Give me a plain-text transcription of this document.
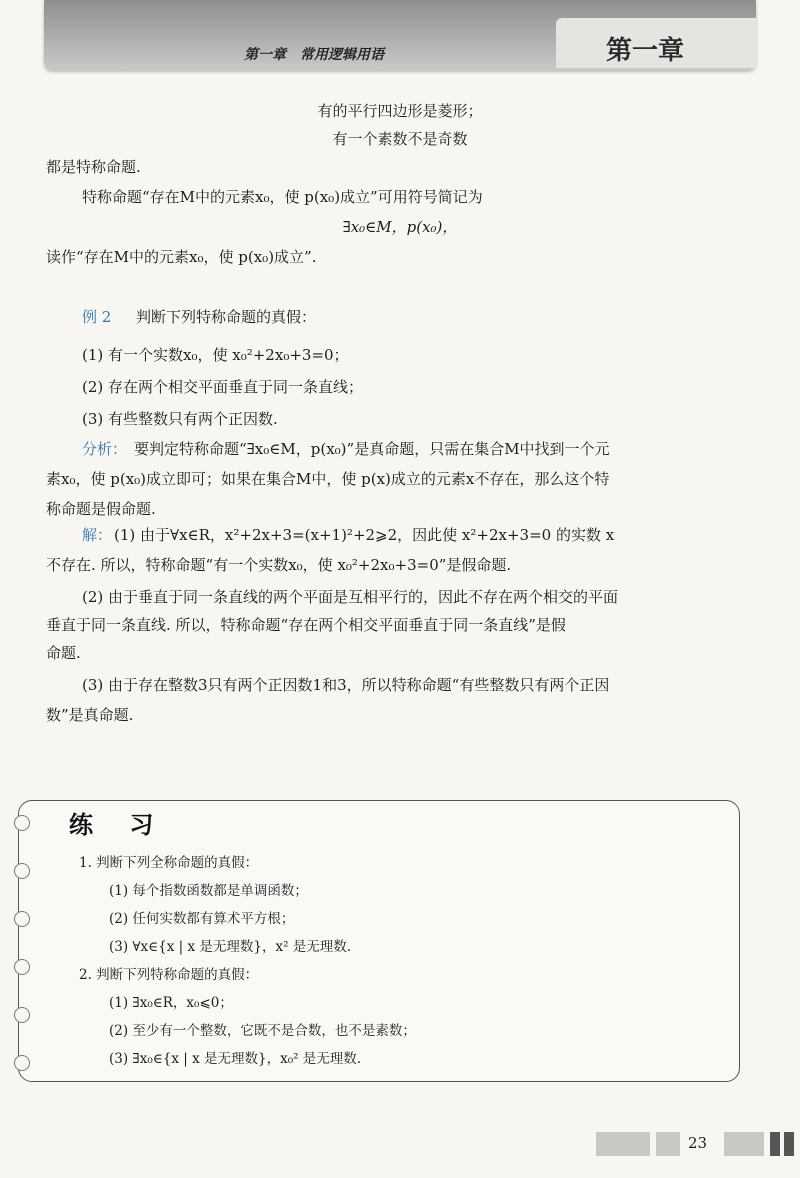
第一章　常用逻辑用语	第一章
有的平行四边形是菱形；
有一个素数不是奇数
都是特称命题.
特称命题“存在M中的元素x₀，使 p(x₀)成立”可用符号简记为
∃x₀∈M，p(x₀)，
读作“存在M中的元素x₀，使 p(x₀)成立”.
例 2 判断下列特称命题的真假：
(1) 有一个实数x₀，使 x₀²+2x₀+3=0；
(2) 存在两个相交平面垂直于同一条直线；
(3) 有些整数只有两个正因数.
分析： 要判定特称命题“∃x₀∈M，p(x₀)”是真命题，只需在集合M中找到一个元
素x₀，使 p(x₀)成立即可；如果在集合M中，使 p(x)成立的元素x不存在，那么这个特
称命题是假命题.
解： (1) 由于∀x∈R，x²+2x+3=(x+1)²+2⩾2，因此使 x²+2x+3=0 的实数 x
不存在. 所以，特称命题“有一个实数x₀，使 x₀²+2x₀+3=0”是假命题.
(2) 由于垂直于同一条直线的两个平面是互相平行的，因此不存在两个相交的平面
垂直于同一条直线. 所以，特称命题“存在两个相交平面垂直于同一条直线”是假
命题.
(3) 由于存在整数3只有两个正因数1和3，所以特称命题“有些整数只有两个正因
数”是真命题.
练 习
1. 判断下列全称命题的真假：
(1) 每个指数函数都是单调函数；
(2) 任何实数都有算术平方根；
(3) ∀x∈{x | x 是无理数}，x² 是无理数.
2. 判断下列特称命题的真假：
(1) ∃x₀∈R，x₀⩽0；
(2) 至少有一个整数，它既不是合数，也不是素数；
(3) ∃x₀∈{x | x 是无理数}，x₀² 是无理数.
23
